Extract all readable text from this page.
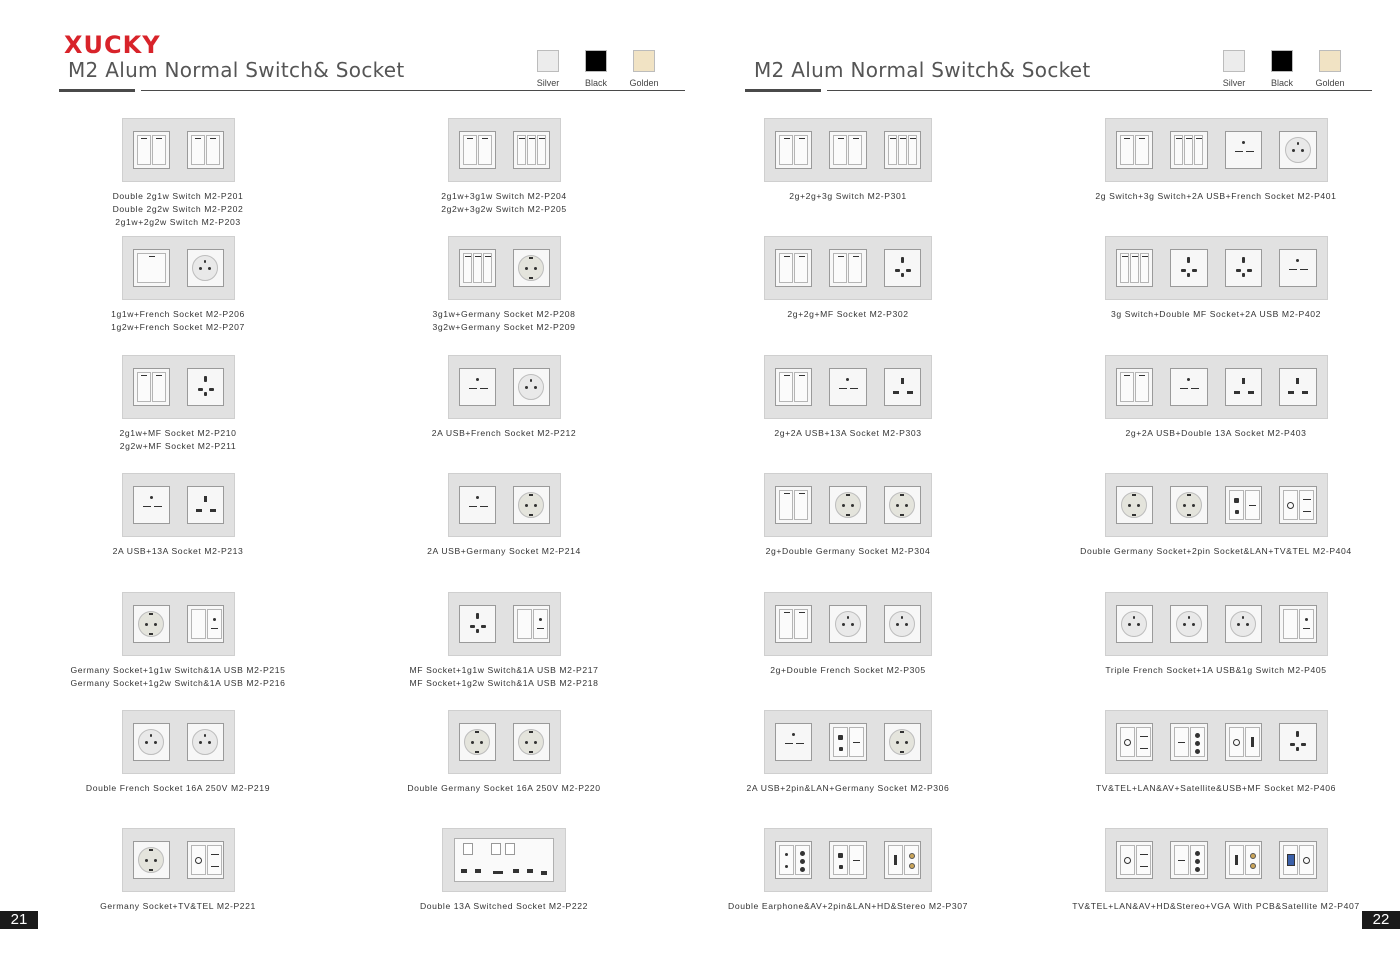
XUCKY
M2 Alum Normal Switch& Socket
Silver	Black Golden
Double 2g1w Switch M2-P201
Double 2g2w Switch M2-P202
2g1w+2g2w Switch M2-P203
2g1w+3g1w Switch M2-P204
2g2w+3g2w Switch M2-P205
1g1w+French Socket M2-P206
1g2w+French Socket M2-P207
3g1w+Germany Socket M2-P208
3g2w+Germany Socket M2-P209
2g1w+MF Socket M2-P210
2g2w+MF Socket M2-P211
2A USB+French Socket M2-P212
2A USB+13A Socket M2-P213	2A USB+Germany Socket M2-P214
Germany Socket+1g1w Switch&1A USB M2-P215
Germany Socket+1g2w Switch&1A USB M2-P216
MF Socket+1g1w Switch&1A USB M2-P217
MF Socket+1g2w Switch&1A USB M2-P218
Double French Socket 16A 250V M2-P219	Double Germany Socket 16A 250V M2-P220
Germany Socket+TV&TEL M2-P221	Double 13A Switched Socket M2-P222
21
M2 Alum Normal Switch& Socket
Silver	Black Golden
2g+2g+3g Switch M2-P301	2g Switch+3g Switch+2A USB+French Socket M2-P401
2g+2g+MF Socket M2-P302	3g Switch+Double MF Socket+2A USB M2-P402
2g+2A USB+13A Socket M2-P303	2g+2A USB+Double 13A Socket M2-P403
2g+Double Germany Socket M2-P304	Double Germany Socket+2pin Socket&LAN+TV&TEL M2-P404
2g+Double French Socket M2-P305	Triple French Socket+1A USB&1g Switch M2-P405
2A USB+2pin&LAN+Germany Socket M2-P306	TV&TEL+LAN&AV+Satellite&USB+MF Socket M2-P406
Double Earphone&AV+2pin&LAN+HD&Stereo M2-P307	TV&TEL+LAN&AV+HD&Stereo+VGA With PCB&Satellite M2-P407
22
